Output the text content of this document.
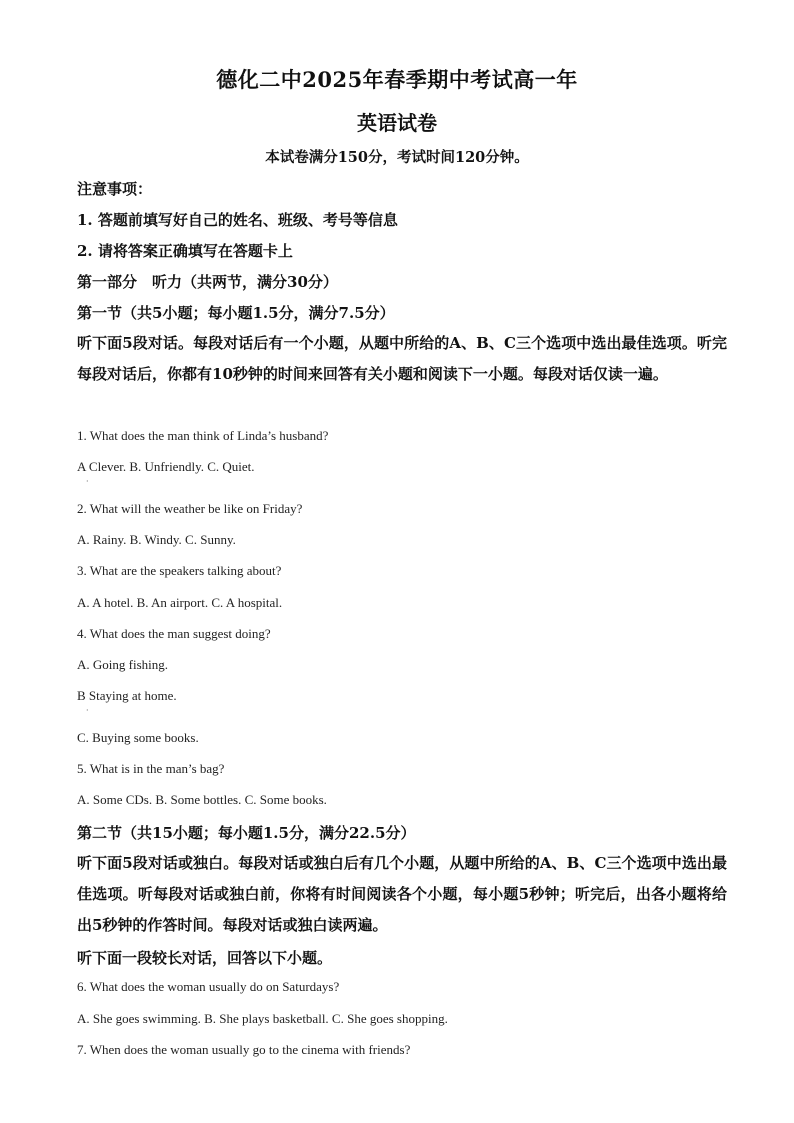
德化二中2025年春季期中考试高一年
英语试卷
本试卷满分150分，考试时间120分钟。
注意事项：
1. 答题前填写好自己的姓名、班级、考号等信息
2. 请将答案正确填写在答题卡上
第一部分　听力（共两节，满分30分）
第一节（共5小题；每小题1.5分，满分7.5分）
听下面5段对话。每段对话后有一个小题，从题中所给的A、B、C三个选项中选出最佳选项。听完每段对话后，你都有10秒钟的时间来回答有关小题和阅读下一小题。每段对话仅读一遍。
1. What does the man think of Linda’s husband?
A Clever. B. Unfriendly. C. Quiet.
·
2. What will the weather be like on Friday?
A. Rainy. B. Windy. C. Sunny.
3. What are the speakers talking about?
A. A hotel. B. An airport. C. A hospital.
4. What does the man suggest doing?
A. Going fishing.
B Staying at home.
·
C. Buying some books.
5. What is in the man’s bag?
A. Some CDs. B. Some bottles. C. Some books.
第二节（共15小题；每小题1.5分，满分22.5分）
听下面5段对话或独白。每段对话或独白后有几个小题，从题中所给的A、B、C三个选项中选出最佳选项。听每段对话或独白前，你将有时间阅读各个小题，每小题5秒钟；听完后，出各小题将给出5秒钟的作答时间。每段对话或独白读两遍。
听下面一段较长对话，回答以下小题。
6. What does the woman usually do on Saturdays?
A. She goes swimming. B. She plays basketball. C. She goes shopping.
7. When does the woman usually go to the cinema with friends?
